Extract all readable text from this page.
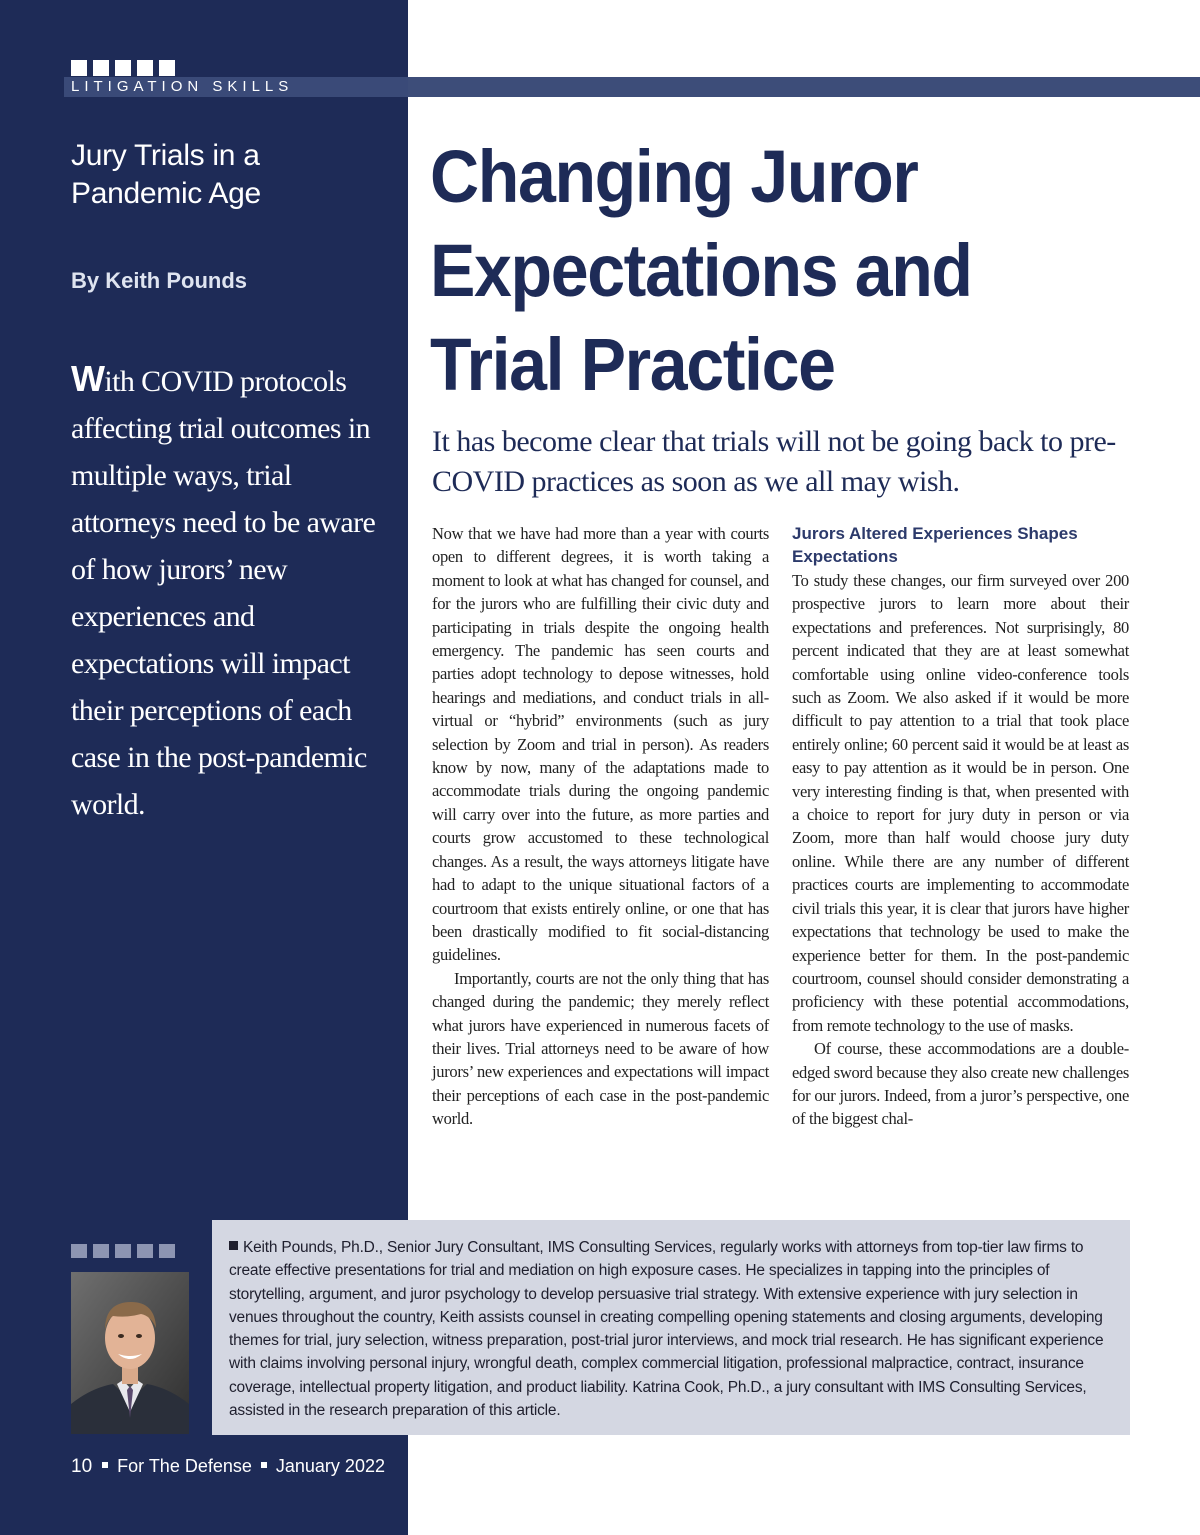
LITIGATION SKILLS
Jury Trials in a Pandemic Age
By Keith Pounds
With COVID protocols affecting trial outcomes in multiple ways, trial attorneys need to be aware of how jurors’ new experiences and expectations will impact their perceptions of each case in the post-pandemic world.
Changing Juror
Expectations and
Trial Practice
It has become clear that trials will not be going back to pre-COVID practices as soon as we all may wish.

Now that we have had more than a year with courts open to different degrees, it is worth taking a moment to look at what has changed for counsel, and for the jurors who are fulfilling their civic duty and participating in trials despite the ongoing health emergency. The pandemic has seen courts and parties adopt technology to depose witnesses, hold hearings and mediations, and conduct trials in all-virtual or “hybrid” environments (such as jury selection by Zoom and trial in person). As readers know by now, many of the adaptations made to accommodate trials during the ongoing pandemic will carry over into the future, as more parties and courts grow accustomed to these technological changes. As a result, the ways attorneys litigate have had to adapt to the unique situational factors of a courtroom that exists entirely online, or one that has been drastically modified to fit social-distancing guidelines.

Importantly, courts are not the only thing that has changed during the pandemic; they merely reflect what jurors have experienced in numerous facets of their lives. Trial attorneys need to be aware of how jurors’ new experiences and expectations will impact their perceptions of each case in the post-pandemic world.

Jurors Altered Experiences Shapes Expectations

To study these changes, our firm surveyed over 200 prospective jurors to learn more about their expectations and preferences. Not surprisingly, 80 percent indicated that they are at least somewhat comfortable using online video-conference tools such as Zoom. We also asked if it would be more difficult to pay attention to a trial that took place entirely online; 60 percent said it would be at least as easy to pay attention as it would be in person. One very interesting finding is that, when presented with a choice to report for jury duty in person or via Zoom, more than half would choose jury duty online. While there are any number of different practices courts are implementing to accommodate civil trials this year, it is clear that jurors have higher expectations that technology be used to make the experience better for them. In the post-pandemic courtroom, counsel should consider demonstrating a proficiency with these potential accommodations, from remote technology to the use of masks.

Of course, these accommodations are a double-edged sword because they also create new challenges for our jurors. Indeed, from a juror’s perspective, one of the biggest chal-

Keith Pounds, Ph.D., Senior Jury Consultant, IMS Consulting Services, regularly works with attorneys from top-tier law firms to create effective presentations for trial and mediation on high exposure cases. He specializes in tapping into the principles of storytelling, argument, and juror psychology to develop persuasive trial strategy. With extensive experience with jury selection in venues throughout the country, Keith assists counsel in creating compelling opening statements and closing arguments, developing themes for trial, jury selection, witness preparation, post-trial juror interviews, and mock trial research. He has significant experience with claims involving personal injury, wrongful death, complex commercial litigation, professional malpractice, contract, insurance coverage, intellectual property litigation, and product liability. Katrina Cook, Ph.D., a jury consultant with IMS Consulting Services, assisted in the research preparation of this article.
10 For The Defense January 2022
